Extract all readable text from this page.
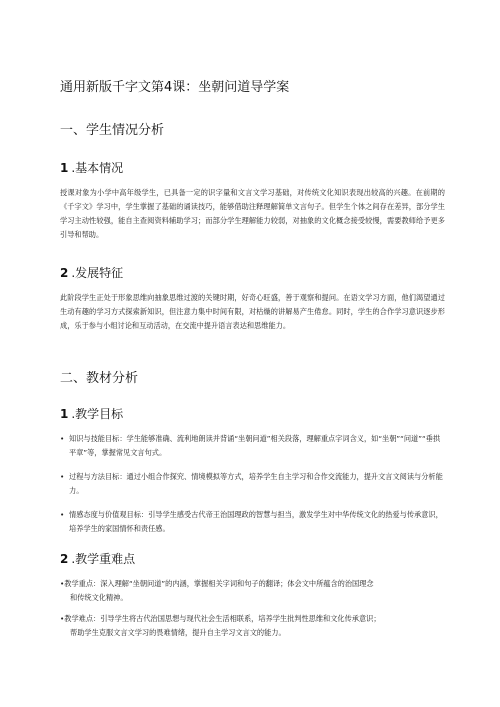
通用新版千字文第4课：坐朝问道导学案
一、学生情况分析
1 .基本情况
授课对象为小学中高年级学生，已具备一定的识字量和文言文学习基础，对传统文化知识表现出较高的兴趣。在前期的《千字文》学习中，学生掌握了基础的诵读技巧，能够借助注释理解简单文言句子。但学生个体之间存在差异，部分学生学习主动性较强，能自主查阅资料辅助学习；而部分学生理解能力较弱，对抽象的文化概念接受较慢，需要教师给予更多引导和帮助。
2 .发展特征
此阶段学生正处于形象思维向抽象思维过渡的关键时期，好奇心旺盛，善于观察和提问。在语文学习方面，他们渴望通过生动有趣的学习方式探索新知识，但注意力集中时间有限，对枯燥的讲解易产生倦怠。同时，学生的合作学习意识逐步形成，乐于参与小组讨论和互动活动，在交流中提升语言表达和思维能力。
二、教材分析
1 .教学目标
• 知识与技能目标：学生能够准确、流利地朗读并背诵“坐朝问道”相关段落，理解重点字词含义，如“坐朝”“问道”“垂拱平章”等，掌握常见文言句式。
• 过程与方法目标：通过小组合作探究、情境模拟等方式，培养学生自主学习和合作交流能力，提升文言文阅读与分析能力。
• 情感态度与价值观目标：引导学生感受古代帝王治国理政的智慧与担当，激发学生对中华传统文化的热爱与传承意识，培养学生的家国情怀和责任感。
2 .教学重难点
•教学重点：深入理解“坐朝问道”的内涵，掌握相关字词和句子的翻译；体会文中所蕴含的治国理念
和传统文化精神。
•教学难点：引导学生将古代治国思想与现代社会生活相联系，培养学生批判性思维和文化传承意识；
帮助学生克服文言文学习的畏难情绪，提升自主学习文言文的能力。
